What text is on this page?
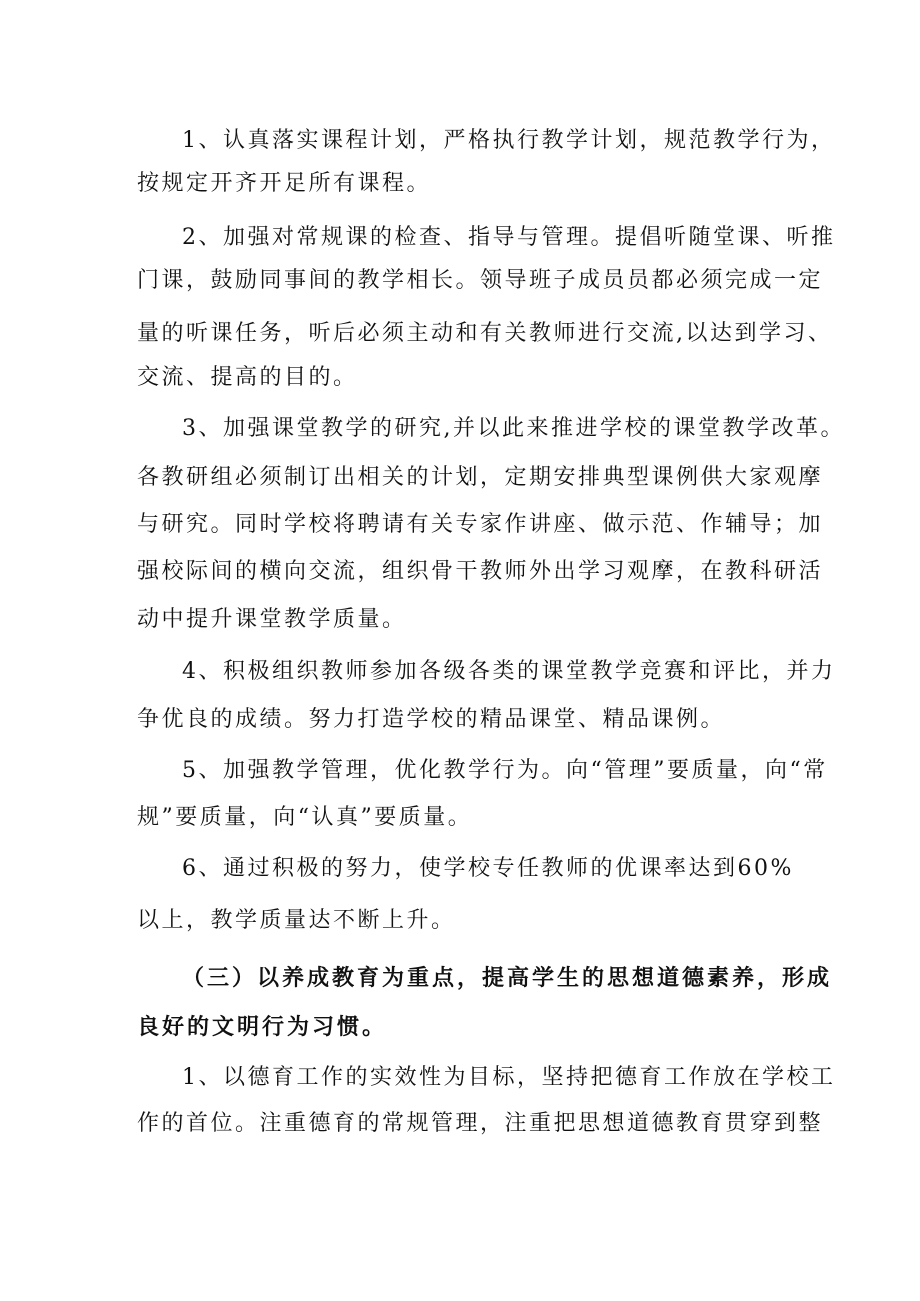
1、认真落实课程计划，严格执行教学计划，规范教学行为，
按规定开齐开足所有课程。
2、加强对常规课的检查、指导与管理。提倡听随堂课、听推
门课，鼓励同事间的教学相长。领导班子成员员都必须完成一定
量的听课任务，听后必须主动和有关教师进行交流,以达到学习、
交流、提高的目的。
3、加强课堂教学的研究,并以此来推进学校的课堂教学改革。
各教研组必须制订出相关的计划，定期安排典型课例供大家观摩
与研究。同时学校将聘请有关专家作讲座、做示范、作辅导；加
强校际间的横向交流，组织骨干教师外出学习观摩，在教科研活
动中提升课堂教学质量。
4、积极组织教师参加各级各类的课堂教学竞赛和评比，并力
争优良的成绩。努力打造学校的精品课堂、精品课例。
5、加强教学管理，优化教学行为。向“管理”要质量，向“常
规”要质量，向“认真”要质量。
6、通过积极的努力，使学校专任教师的优课率达到60%
以上，教学质量达不断上升。
（三）以养成教育为重点，提高学生的思想道德素养，形成
良好的文明行为习惯。
1、以德育工作的实效性为目标，坚持把德育工作放在学校工
作的首位。注重德育的常规管理，注重把思想道德教育贯穿到整
